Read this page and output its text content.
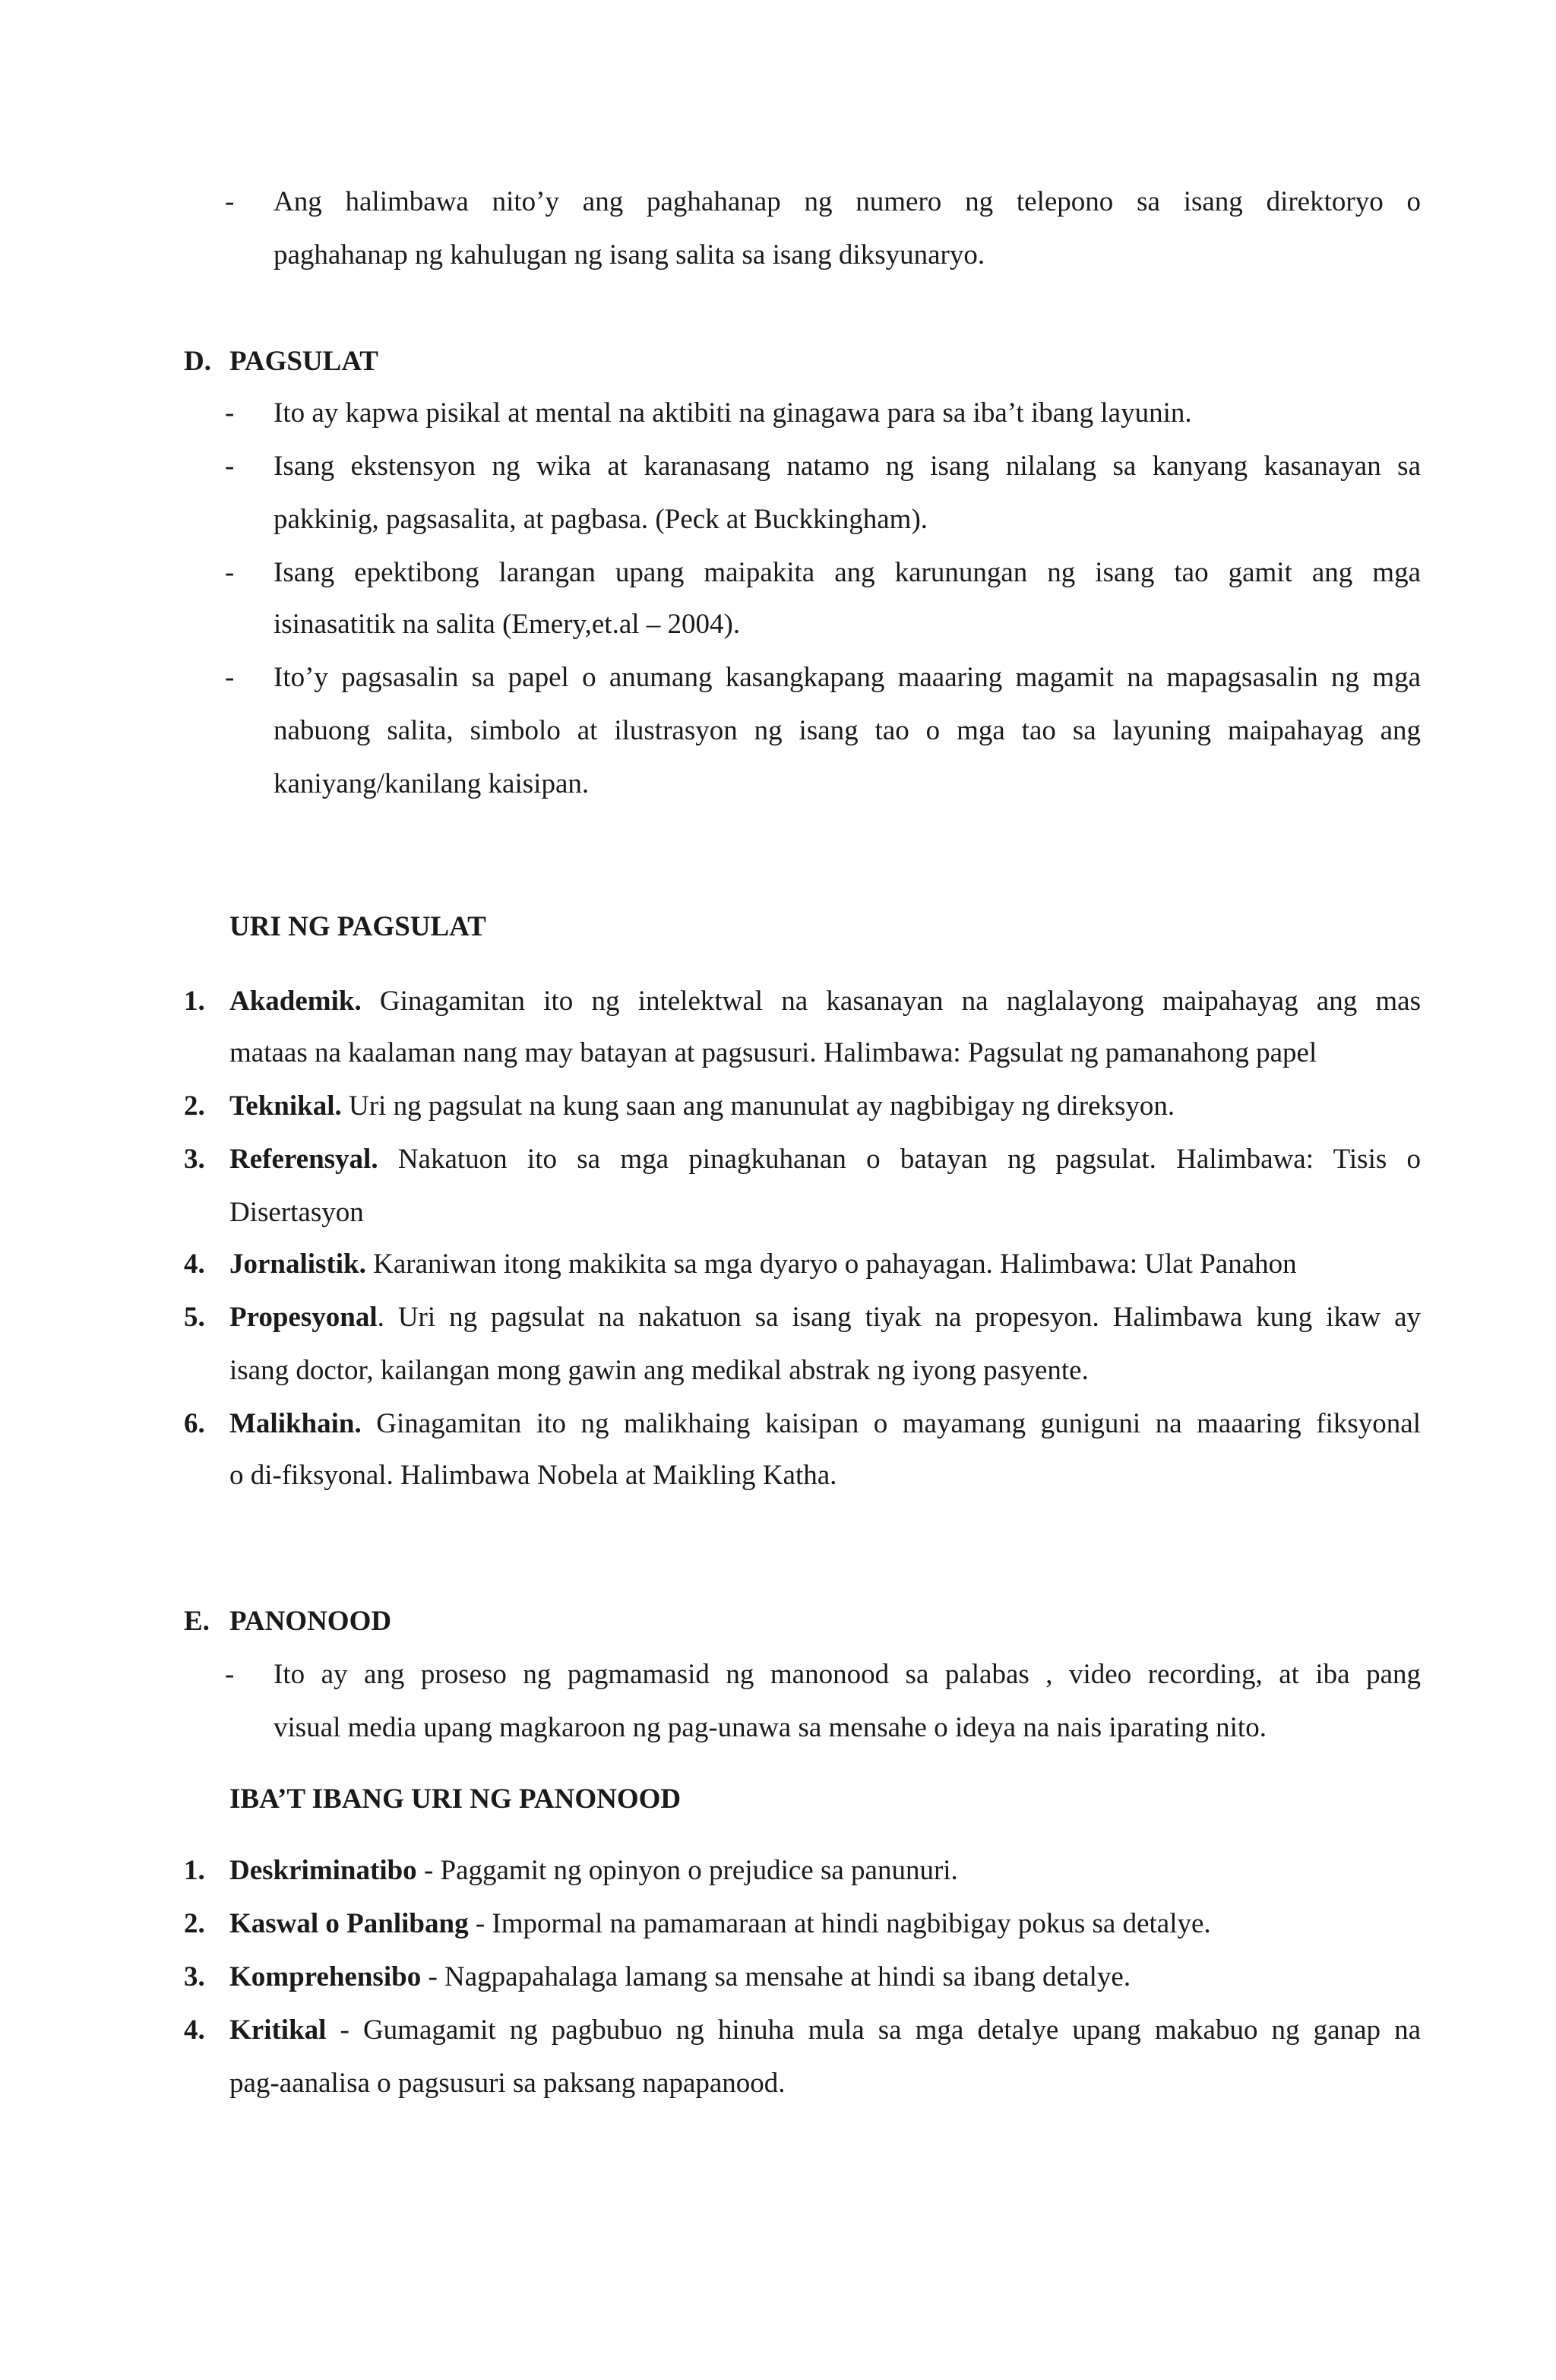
- Ang halimbawa nito’y ang paghahanap ng numero ng telepono sa isang direktoryo o
paghahanap ng kahulugan ng isang salita sa isang diksyunaryo.
D. PAGSULAT
- Ito ay kapwa pisikal at mental na aktibiti na ginagawa para sa iba’t ibang layunin.
- Isang ekstensyon ng wika at karanasang natamo ng isang nilalang sa kanyang kasanayan sa
pakkinig, pagsasalita, at pagbasa. (Peck at Buckkingham).
- Isang epektibong larangan upang maipakita ang karunungan ng isang tao gamit ang mga
isinasatitik na salita (Emery,et.al – 2004).
- Ito’y pagsasalin sa papel o anumang kasangkapang maaaring magamit na mapagsasalin ng mga
nabuong salita, simbolo at ilustrasyon ng isang tao o mga tao sa layuning maipahayag ang
kaniyang/kanilang kaisipan.
URI NG PAGSULAT
1. Akademik. Ginagamitan ito ng intelektwal na kasanayan na naglalayong maipahayag ang mas
mataas na kaalaman nang may batayan at pagsusuri. Halimbawa: Pagsulat ng pamanahong papel
2. Teknikal. Uri ng pagsulat na kung saan ang manunulat ay nagbibigay ng direksyon.
3. Referensyal. Nakatuon ito sa mga pinagkuhanan o batayan ng pagsulat. Halimbawa: Tisis o
Disertasyon
4. Jornalistik. Karaniwan itong makikita sa mga dyaryo o pahayagan. Halimbawa: Ulat Panahon
5. Propesyonal. Uri ng pagsulat na nakatuon sa isang tiyak na propesyon. Halimbawa kung ikaw ay
isang doctor, kailangan mong gawin ang medikal abstrak ng iyong pasyente.
6. Malikhain. Ginagamitan ito ng malikhaing kaisipan o mayamang guniguni na maaaring fiksyonal
o di-fiksyonal. Halimbawa Nobela at Maikling Katha.
E. PANONOOD
- Ito ay ang proseso ng pagmamasid ng manonood sa palabas , video recording, at iba pang
visual media upang magkaroon ng pag-unawa sa mensahe o ideya na nais iparating nito.
IBA’T IBANG URI NG PANONOOD
1. Deskriminatibo - Paggamit ng opinyon o prejudice sa panunuri.
2. Kaswal o Panlibang - Impormal na pamamaraan at hindi nagbibigay pokus sa detalye.
3. Komprehensibo - Nagpapahalaga lamang sa mensahe at hindi sa ibang detalye.
4. Kritikal - Gumagamit ng pagbubuo ng hinuha mula sa mga detalye upang makabuo ng ganap na
pag-aanalisa o pagsusuri sa paksang napapanood.
